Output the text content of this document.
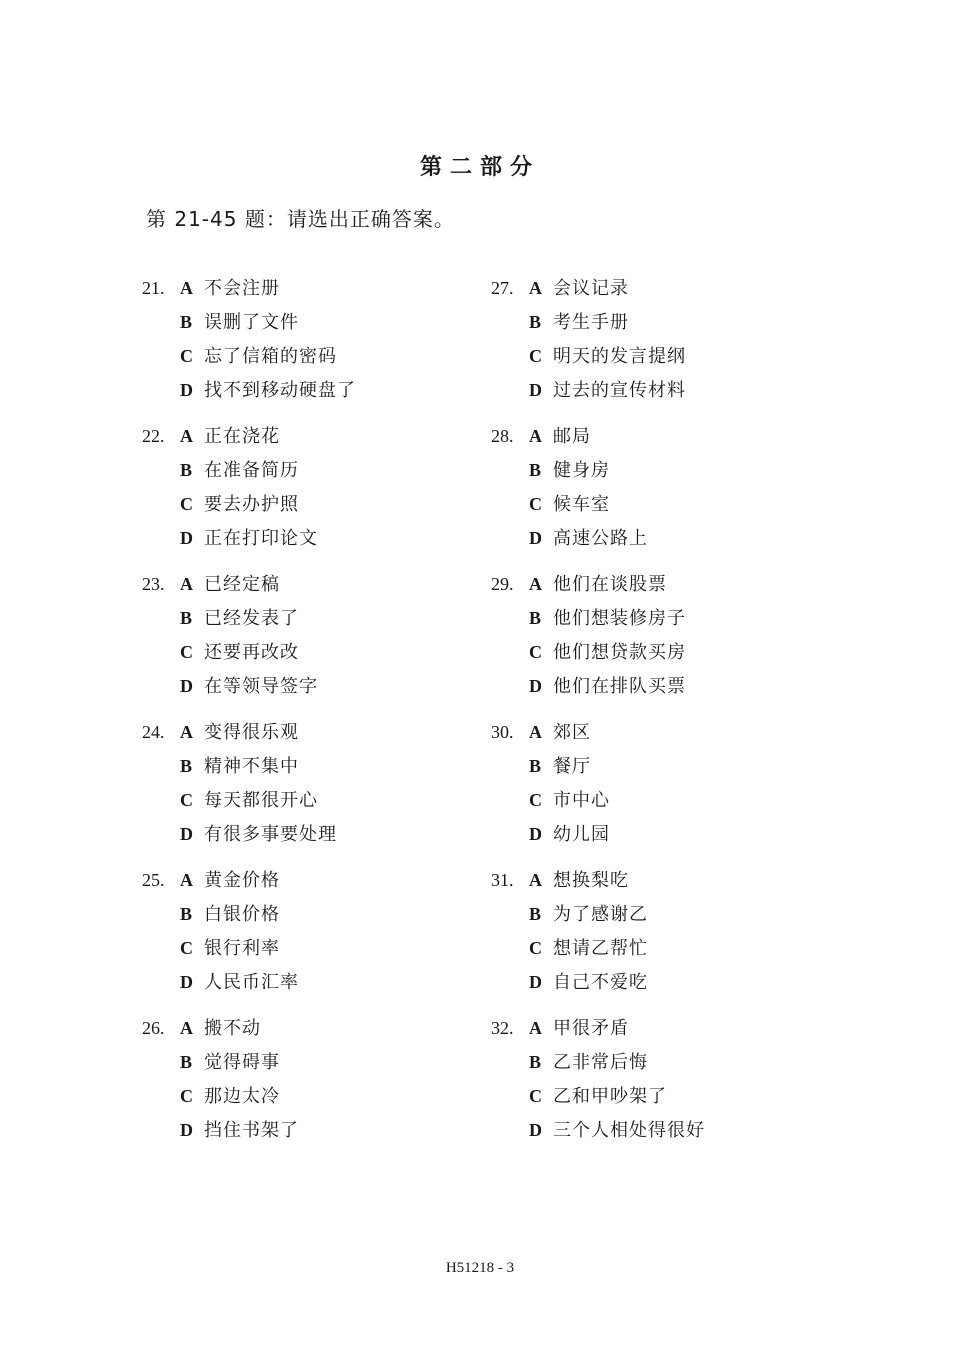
第二部分
第 21-45 题：请选出正确答案。
21. A 不会注册
B 误删了文件
C 忘了信箱的密码
D 找不到移动硬盘了
22. A 正在浇花
B 在准备简历
C 要去办护照
D 正在打印论文
23. A 已经定稿
B 已经发表了
C 还要再改改
D 在等领导签字
24. A 变得很乐观
B 精神不集中
C 每天都很开心
D 有很多事要处理
25. A 黄金价格
B 白银价格
C 银行利率
D 人民币汇率
26. A 搬不动
B 觉得碍事
C 那边太冷
D 挡住书架了
27. A 会议记录
B 考生手册
C 明天的发言提纲
D 过去的宣传材料
28. A 邮局
B 健身房
C 候车室
D 高速公路上
29. A 他们在谈股票
B 他们想装修房子
C 他们想贷款买房
D 他们在排队买票
30. A 郊区
B 餐厅
C 市中心
D 幼儿园
31. A 想换梨吃
B 为了感谢乙
C 想请乙帮忙
D 自己不爱吃
32. A 甲很矛盾
B 乙非常后悔
C 乙和甲吵架了
D 三个人相处得很好
H51218 - 3
